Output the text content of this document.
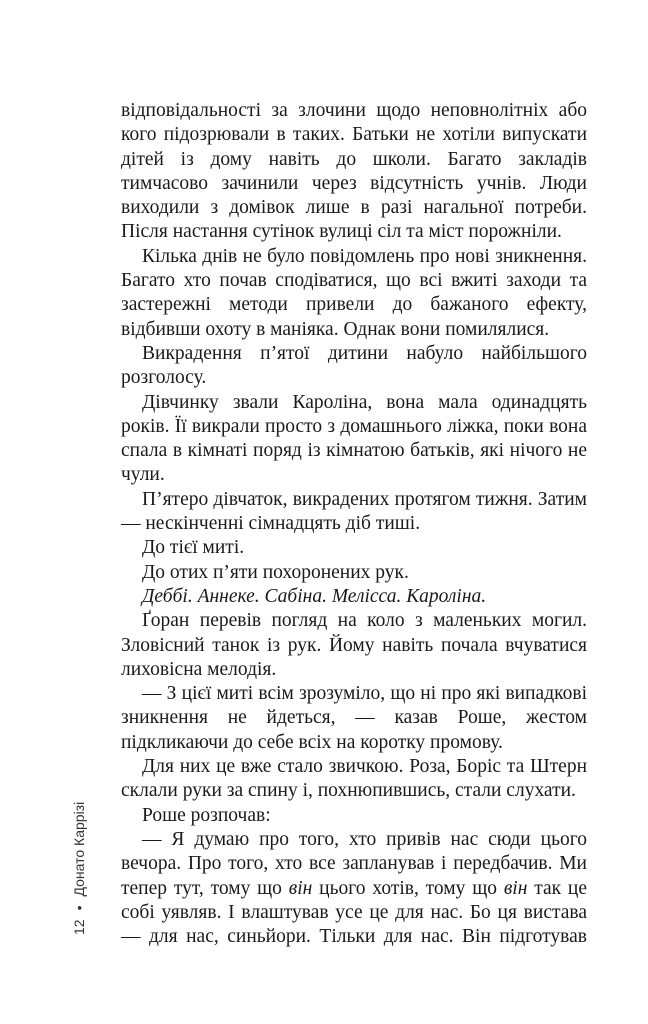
відповідальності за злочини щодо неповнолітніх або кого підозрювали в таких. Батьки не хотіли випускати дітей із дому навіть до школи. Багато закладів тимчасово зачинили через відсутність учнів. Люди виходили з домівок лише в разі нагальної потреби. Після настання сутінок вулиці сіл та міст порожніли.

Кілька днів не було повідомлень про нові зникнення. Багато хто почав сподіватися, що всі вжиті заходи та застережні методи привели до бажаного ефекту, відбивши охоту в маніяка. Однак вони помилялися.

Викрадення п’ятої дитини набуло найбільшого розголосу.

Дівчинку звали Кароліна, вона мала одинадцять років. Її викрали просто з домашнього ліжка, поки вона спала в кімнаті поряд із кімнатою батьків, які нічого не чули.

П’ятеро дівчаток, викрадених протягом тижня. Затим — нескінченні сімнадцять діб тиші.

До тієї миті.

До отих п’яти похоронених рук.

Деббі. Аннеке. Сабіна. Мелісса. Кароліна.

Ґоран перевів погляд на коло з маленьких могил. Зловісний танок із рук. Йому навіть почала вчуватися лиховісна мелодія.

— З цієї миті всім зрозуміло, що ні про які випадкові зникнення не йдеться, — казав Роше, жестом підкликаючи до себе всіх на коротку промову.

Для них це вже стало звичкою. Роза, Боріс та Штерн склали руки за спину і, похнюпившись, стали слухати.

Роше розпочав:

— Я думаю про того, хто привів нас сюди цього вечора. Про того, хто все запланував і передбачив. Ми тепер тут, тому що він цього хотів, тому що він так це собі уявляв. І влаштував усе це для нас. Бо ця вистава — для нас, синьйори. Тільки для нас. Він підготував

12•Донато Каррізі
